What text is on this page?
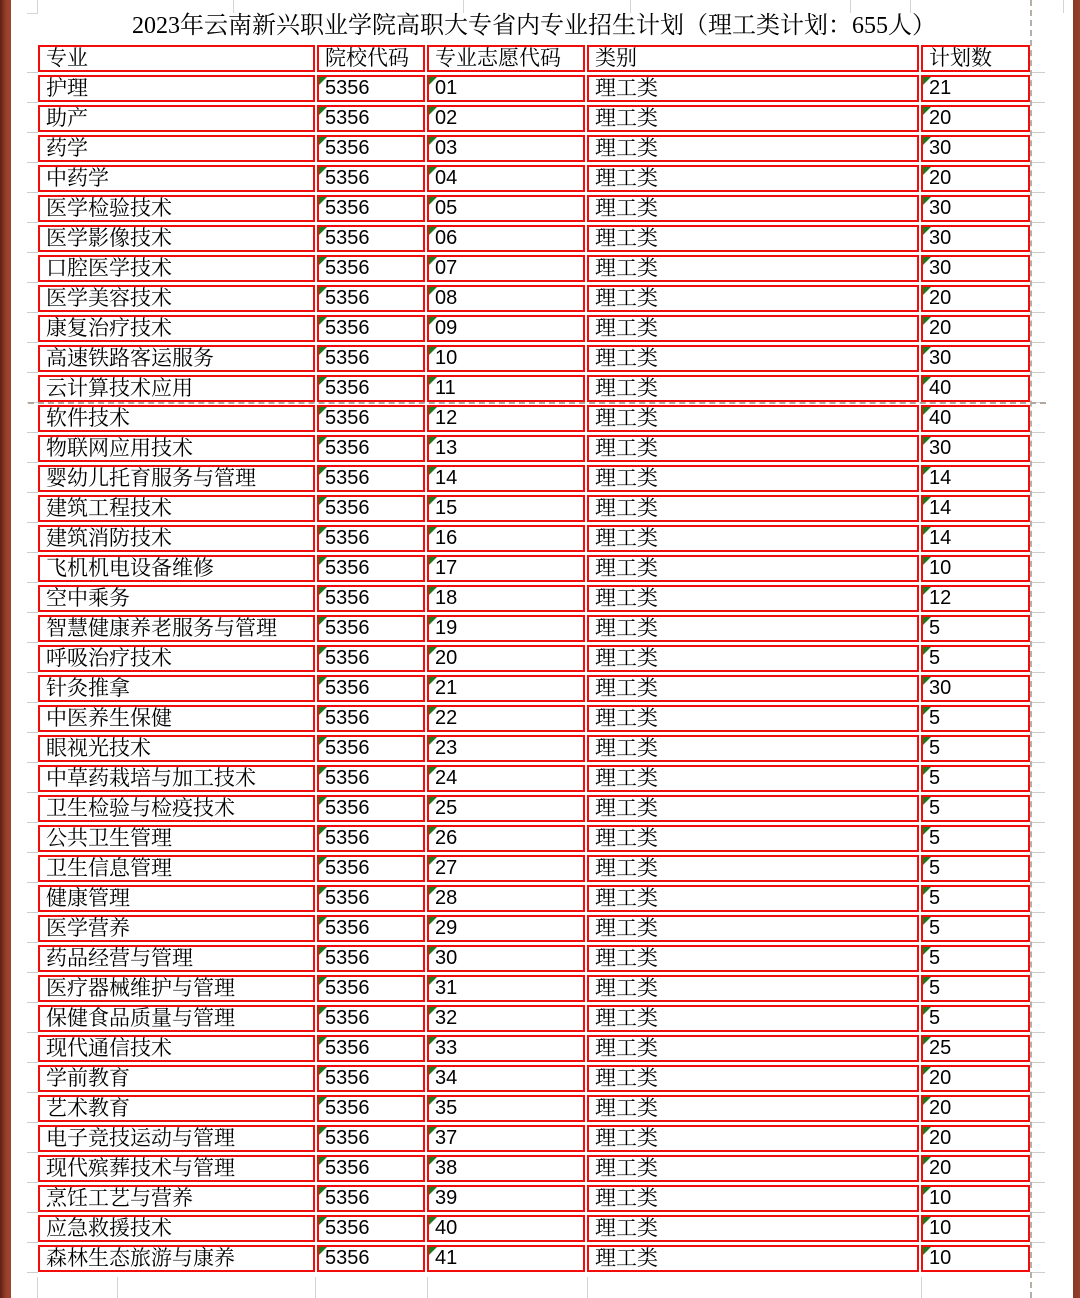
2023年云南新兴职业学院高职大专省内专业招生计划（理工类计划：655人）
专业	院校代码	专业志愿代码	类别	计划数
护理	5356	01	理工类	21
助产	5356	02	理工类	20
药学	5356	03	理工类	30
中药学	5356	04	理工类	20
医学检验技术	5356	05	理工类	30
医学影像技术	5356	06	理工类	30
口腔医学技术	5356	07	理工类	30
医学美容技术	5356	08	理工类	20
康复治疗技术	5356	09	理工类	20
高速铁路客运服务	5356	10	理工类	30
云计算技术应用	5356	11	理工类	40
软件技术	5356	12	理工类	40
物联网应用技术	5356	13	理工类	30
婴幼儿托育服务与管理	5356	14	理工类	14
建筑工程技术	5356	15	理工类	14
建筑消防技术	5356	16	理工类	14
飞机机电设备维修	5356	17	理工类	10
空中乘务	5356	18	理工类	12
智慧健康养老服务与管理	5356	19	理工类	5
呼吸治疗技术	5356	20	理工类	5
针灸推拿	5356	21	理工类	30
中医养生保健	5356	22	理工类	5
眼视光技术	5356	23	理工类	5
中草药栽培与加工技术	5356	24	理工类	5
卫生检验与检疫技术	5356	25	理工类	5
公共卫生管理	5356	26	理工类	5
卫生信息管理	5356	27	理工类	5
健康管理	5356	28	理工类	5
医学营养	5356	29	理工类	5
药品经营与管理	5356	30	理工类	5
医疗器械维护与管理	5356	31	理工类	5
保健食品质量与管理	5356	32	理工类	5
现代通信技术	5356	33	理工类	25
学前教育	5356	34	理工类	20
艺术教育	5356	35	理工类	20
电子竞技运动与管理	5356	37	理工类	20
现代殡葬技术与管理	5356	38	理工类	20
烹饪工艺与营养	5356	39	理工类	10
应急救援技术	5356	40	理工类	10
森林生态旅游与康养	5356	41	理工类	10
